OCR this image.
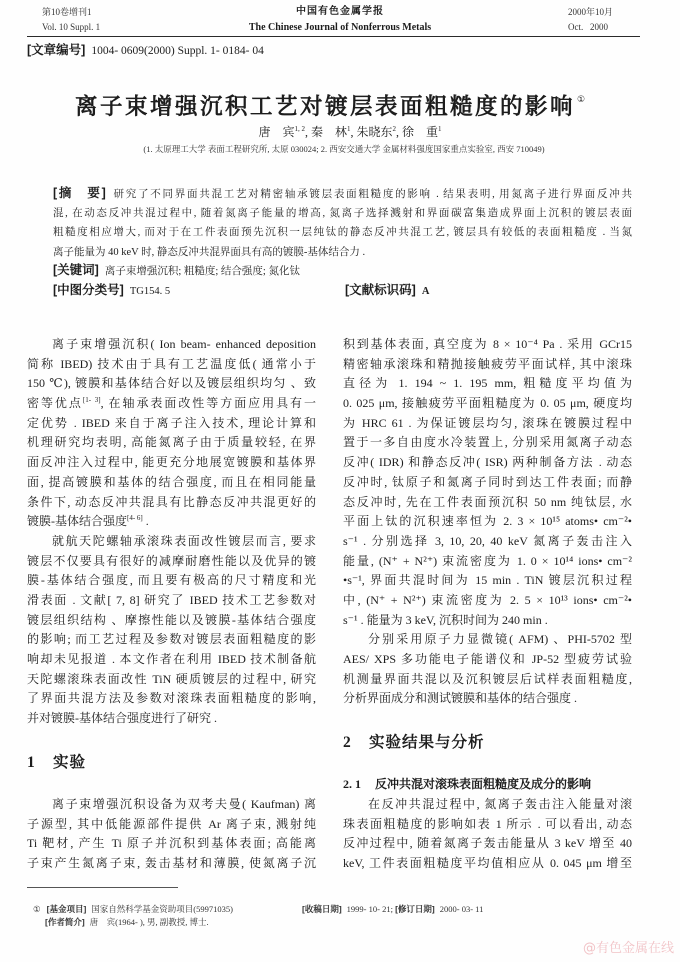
第10卷增刊1
Vol. 10 Suppl. 1
中国有色金属学报
The Chinese Journal of Nonferrous Metals
2000年10月
Oct.   2000
[文章编号] 1004- 0609(2000) Suppl. 1- 0184- 04
离子束增强沉积工艺对镀层表面粗糙度的影响 ①
唐　宾$^{1, 2}$, 秦　林$^1$, 朱晓东$^2$, 徐　重$^1$
(1. 太原理工大学 表面工程研究所, 太原 030024; 2. 西安交通大学 金属材料强度国家重点实验室, 西安 710049)
[摘　要] 研究了不同界面共混工艺对精密轴承镀层表面粗糙度的影响 . 结果表明, 用氮离子进行界面反冲共
混, 在动态反冲共混过程中, 随着氮离子能量的增高, 氮离子选择溅射和界面碳富集造成界面上沉积的镀层表面
粗糙度相应增大, 而对于在工件表面预先沉积一层纯钛的静态反冲共混工艺, 镀层具有较低的表面粗糙度 . 当氮
离子能量为 40 keV 时, 静态反冲共混界面具有高的镀膜-基体结合力 .
[关键词] 离子束增强沉积; 粗糙度; 结合强度; 氮化钛
[中图分类号] TG154. 5	[文献标识码] A
离子束增强沉积( Ion beam- enhanced deposition
简称 IBED) 技术由于具有工艺温度低( 通常小于
150 ℃), 镀膜和基体结合好以及镀层组织均匀 、致
密等优点[1- 3], 在轴承表面改性等方面应用具有一
定优势 . IBED 来自于离子注入技术, 理论计算和
机理研究均表明, 高能氮离子由于质量较轻, 在界
面反冲注入过程中, 能更充分地展宽镀膜和基体界
面, 提高镀膜和基体的结合强度, 而且在相同能量
条件下, 动态反冲共混具有比静态反冲共混更好的
镀膜-基体结合强度[4- 6] .
就航天陀螺轴承滚珠表面改性镀层而言, 要求
镀层不仅要具有很好的减摩耐磨性能以及优异的镀
膜-基体结合强度, 而且要有极高的尺寸精度和光
滑表面 . 文献[ 7, 8] 研究了 IBED 技术工艺参数对
镀层组织结构 、摩擦性能以及镀膜-基体结合强度
的影响; 而工艺过程及参数对镀层表面粗糙度的影
响却未见报道 . 本文作者在利用 IBED 技术制备航
天陀螺滚珠表面改性 TiN 硬质镀层的过程中, 研究
了界面共混方法及参数对滚珠表面粗糙度的影响,
并对镀膜-基体结合强度进行了研究 .
1 实验
离子束增强沉积设备为双考夫曼( Kaufman) 离
子源型, 其中低能源部件提供 Ar 离子束, 溅射纯
Ti 靶材, 产生 Ti 原子并沉积到基体表面; 高能离
子束产生氮离子束, 轰击基材和薄膜, 使氮离子沉
积到基体表面, 真空度为 8 × 10⁻⁴ Pa . 采用 GCr15
精密轴承滚珠和精抛接触疲劳平面试样, 其中滚珠
直径为 1. 194 ~ 1. 195 mm, 粗糙度平均值为
0. 025 μm, 接触疲劳平面粗糙度为 0. 05 μm, 硬度均
为 HRC 61 . 为保证镀层均匀, 滚珠在镀膜过程中
置于一多自由度水冷装置上, 分别采用氮离子动态
反冲( IDR) 和静态反冲( ISR) 两种制备方法 . 动态
反冲时, 钛原子和氮离子同时到达工件表面; 而静
态反冲时, 先在工件表面预沉积 50 nm 纯钛层, 水
平面上钛的沉积速率恒为 2. 3 × 10¹⁵ atoms• cm⁻²•
s⁻¹ . 分别选择 3, 10, 20, 40 keV 氮离子轰击注入
能量, (N⁺ + N²⁺) 束流密度为 1. 0 × 10¹⁴ ions• cm⁻²
•s⁻¹, 界面共混时间为 15 min . TiN 镀层沉积过程
中, (N⁺ + N²⁺) 束流密度为 2. 5 × 10¹³ ions• cm⁻²•
s⁻¹ . 能量为 3 keV, 沉积时间为 240 min .
分别采用原子力显微镜( AFM) 、PHI-5702 型
AES/ XPS 多功能电子能谱仪和 JP-52 型疲劳试验
机测量界面共混以及沉积镀层后试样表面粗糙度,
分析界面成分和测试镀膜和基体的结合强度 .
2 实验结果与分析
2. 1 反冲共混对滚珠表面粗糙度及成分的影响
在反冲共混过程中, 氮离子轰击注入能量对滚
珠表面粗糙度的影响如表 1 所示 . 可以看出, 动态
反冲过程中, 随着氮离子轰击能量从 3 keV 增至 40
keV, 工件表面粗糙度平均值相应从 0. 045 μm 增至
① [基金项目] 国家自然科学基金资助项目(59971035)	[收稿日期] 1999- 10- 21; [修订日期] 2000- 03- 11
[作者简介] 唐　宾(1964- ), 男, 副教授, 博士.
@有色金属在线
